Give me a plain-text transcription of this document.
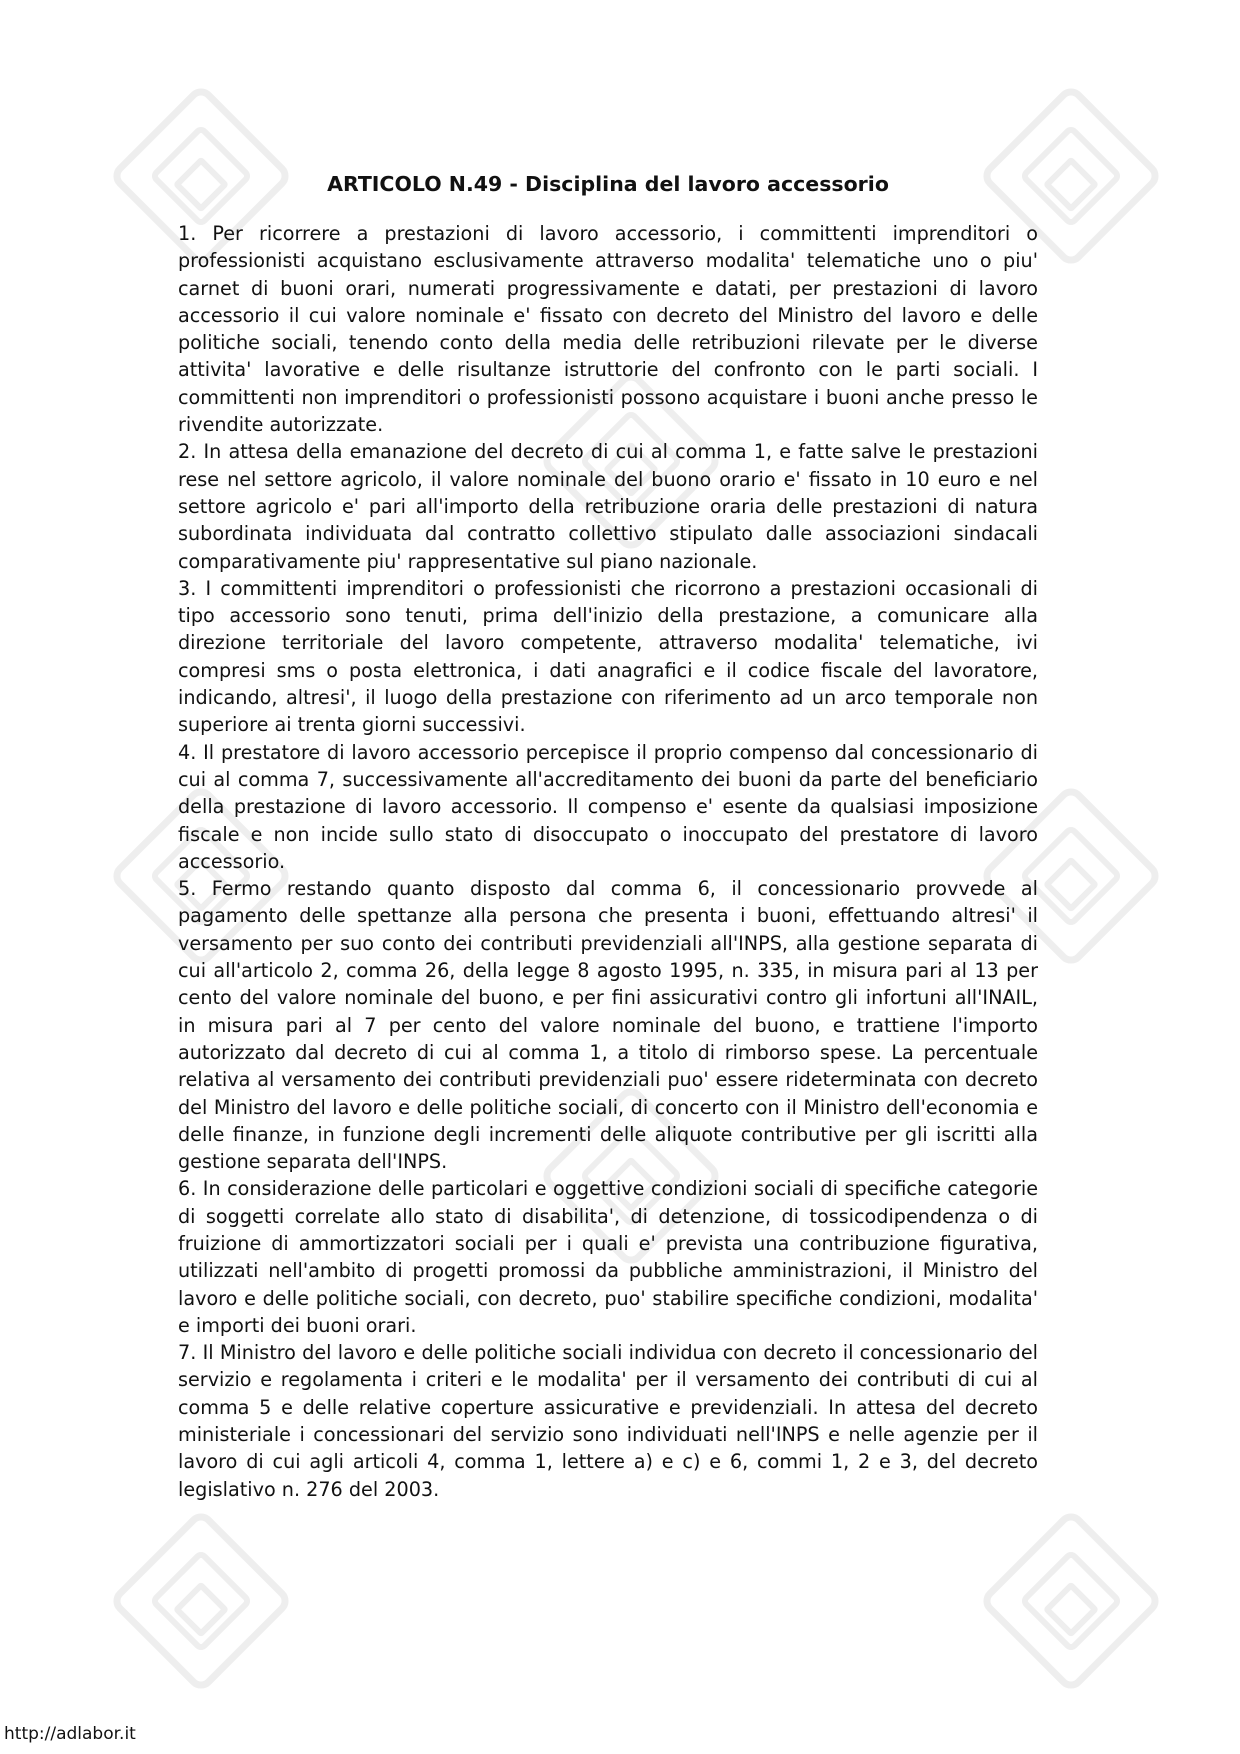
ARTICOLO N.49 - Disciplina del lavoro accessorio

1. Per ricorrere a prestazioni di lavoro accessorio, i committenti imprenditori o professionisti acquistano esclusivamente attraverso modalita' telematiche uno o piu' carnet di buoni orari, numerati progressivamente e datati, per prestazioni di lavoro accessorio il cui valore nominale e' fissato con decreto del Ministro del lavoro e delle politiche sociali, tenendo conto della media delle retribuzioni rilevate per le diverse attivita' lavorative e delle risultanze istruttorie del confronto con le parti sociali. I committenti non imprenditori o professionisti possono acquistare i buoni anche presso le rivendite autorizzate.

2. In attesa della emanazione del decreto di cui al comma 1, e fatte salve le prestazioni rese nel settore agricolo, il valore nominale del buono orario e' fissato in 10 euro e nel settore agricolo e' pari all'importo della retribuzione oraria delle prestazioni di natura subordinata individuata dal contratto collettivo stipulato dalle associazioni sindacali comparativamente piu' rappresentative sul piano nazionale.

3. I committenti imprenditori o professionisti che ricorrono a prestazioni occasionali di tipo accessorio sono tenuti, prima dell'inizio della prestazione, a comunicare alla direzione territoriale del lavoro competente, attraverso modalita' telematiche, ivi compresi sms o posta elettronica, i dati anagrafici e il codice fiscale del lavoratore, indicando, altresi', il luogo della prestazione con riferimento ad un arco temporale non superiore ai trenta giorni successivi.

4. Il prestatore di lavoro accessorio percepisce il proprio compenso dal concessionario di cui al comma 7, successivamente all'accreditamento dei buoni da parte del beneficiario della prestazione di lavoro accessorio. Il compenso e' esente da qualsiasi imposizione fiscale e non incide sullo stato di disoccupato o inoccupato del prestatore di lavoro accessorio.

5. Fermo restando quanto disposto dal comma 6, il concessionario provvede al pagamento delle spettanze alla persona che presenta i buoni, effettuando altresi' il versamento per suo conto dei contributi previdenziali all'INPS, alla gestione separata di cui all'articolo 2, comma 26, della legge 8 agosto 1995, n. 335, in misura pari al 13 per cento del valore nominale del buono, e per fini assicurativi contro gli infortuni all'INAIL, in misura pari al 7 per cento del valore nominale del buono, e trattiene l'importo autorizzato dal decreto di cui al comma 1, a titolo di rimborso spese. La percentuale relativa al versamento dei contributi previdenziali puo' essere rideterminata con decreto del Ministro del lavoro e delle politiche sociali, di concerto con il Ministro dell'economia e delle finanze, in funzione degli incrementi delle aliquote contributive per gli iscritti alla gestione separata dell'INPS.

6. In considerazione delle particolari e oggettive condizioni sociali di specifiche categorie di soggetti correlate allo stato di disabilita', di detenzione, di tossicodipendenza o di fruizione di ammortizzatori sociali per i quali e' prevista una contribuzione figurativa, utilizzati nell'ambito di progetti promossi da pubbliche amministrazioni, il Ministro del lavoro e delle politiche sociali, con decreto, puo' stabilire specifiche condizioni, modalita' e importi dei buoni orari.

7. Il Ministro del lavoro e delle politiche sociali individua con decreto il concessionario del servizio e regolamenta i criteri e le modalita' per il versamento dei contributi di cui al comma 5 e delle relative coperture assicurative e previdenziali. In attesa del decreto ministeriale i concessionari del servizio sono individuati nell'INPS e nelle agenzie per il lavoro di cui agli articoli 4, comma 1, lettere a) e c) e 6, commi 1, 2 e 3, del decreto legislativo n. 276 del 2003.

http://adlabor.it
